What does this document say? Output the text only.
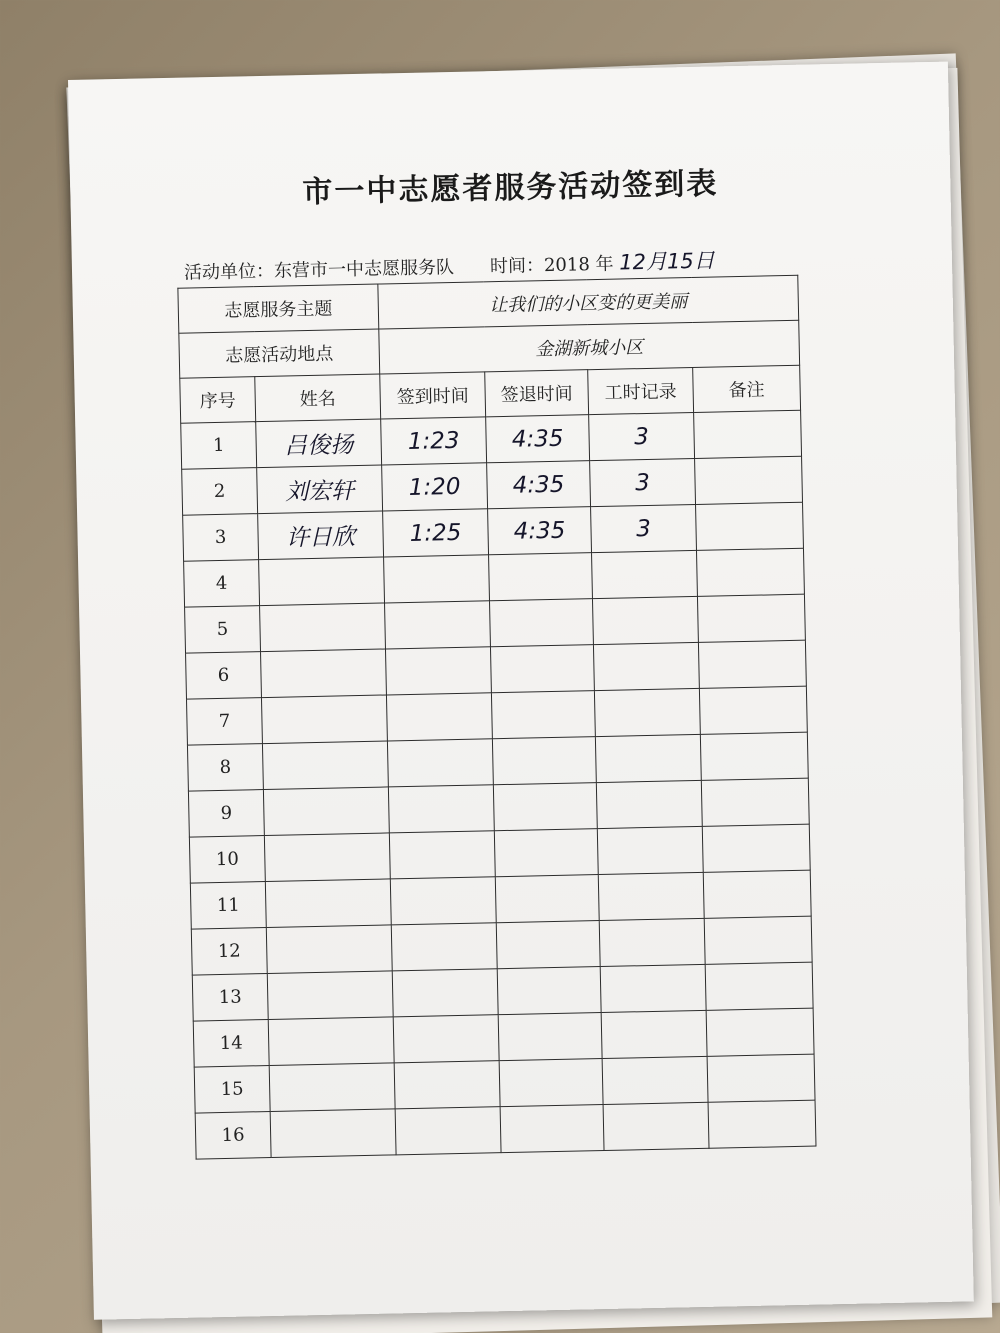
市一中志愿者服务活动签到表
活动单位：东营市一中志愿服务队 时间：2018 年 12月15日
志愿服务主题		让我们的小区变的更美丽			
志愿活动地点		金湖新城小区			
序号	姓名	签到时间	签退时间	工时记录	备注
1	吕俊扬	1:23	4:35	3	
2	刘宏轩	1:20	4:35	3	
3	许日欣	1:25	4:35	3	
4					
5					
6					
7					
8					
9					
10					
11					
12					
13					
14					
15					
16					
